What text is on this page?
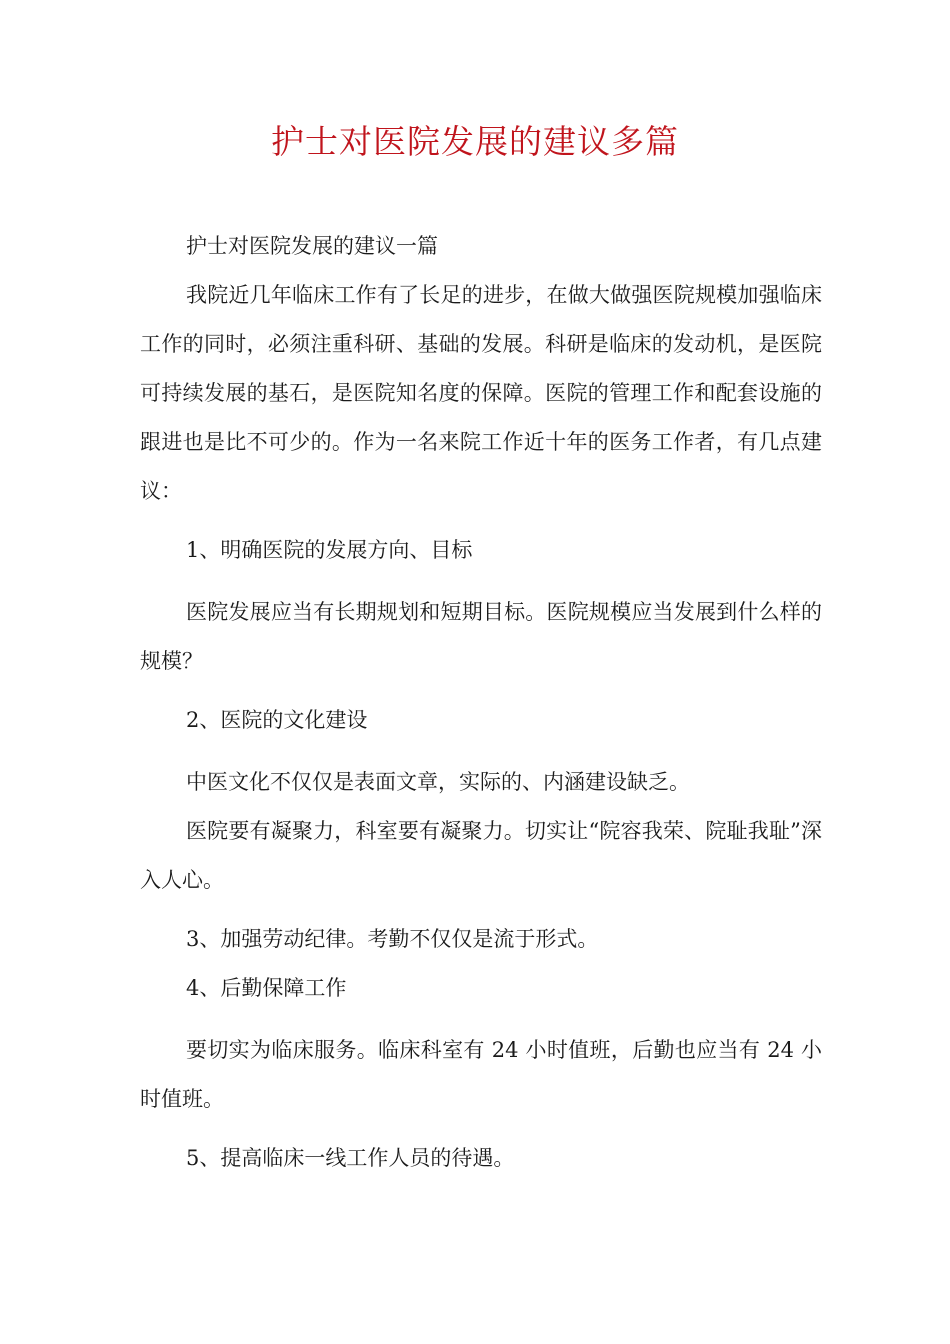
护士对医院发展的建议多篇

护士对医院发展的建议一篇

我院近几年临床工作有了长足的进步，在做大做强医院规模加强临床工作的同时，必须注重科研、基础的发展。科研是临床的发动机，是医院可持续发展的基石，是医院知名度的保障。医院的管理工作和配套设施的跟进也是比不可少的。作为一名来院工作近十年的医务工作者，有几点建议：

1、明确医院的发展方向、目标

医院发展应当有长期规划和短期目标。医院规模应当发展到什么样的规模？

2、医院的文化建设

中医文化不仅仅是表面文章，实际的、内涵建设缺乏。

医院要有凝聚力，科室要有凝聚力。切实让“院容我荣、院耻我耻”深入人心。

3、加强劳动纪律。考勤不仅仅是流于形式。

4、后勤保障工作

要切实为临床服务。临床科室有 24 小时值班，后勤也应当有 24 小时值班。

5、提高临床一线工作人员的待遇。
